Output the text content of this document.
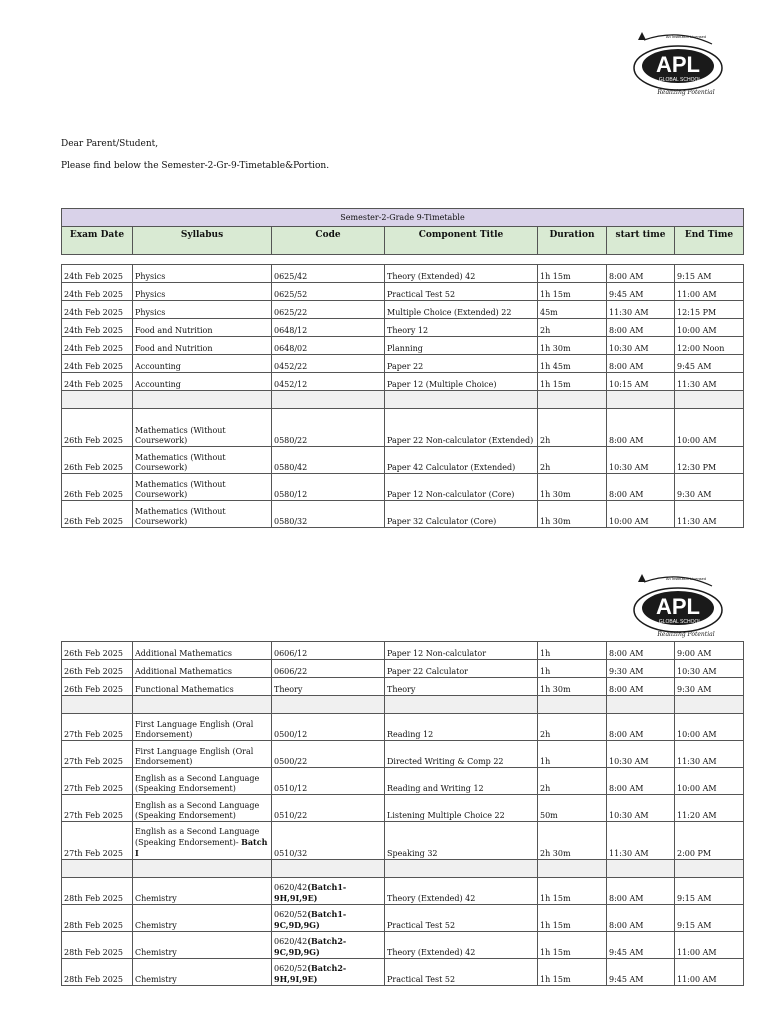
APL
GLOBAL SCHOOL
An Institution Licensed
Realizing Potential

Dear Parent/Student,

Please find below the Semester-2-Gr-9-Timetable&Portion.

Semester-2-Grade 9-Timetable						
Exam Date	Syllabus	Code	Component Title	Duration	start time	End Time

24th Feb 2025	Physics	0625/42	Theory (Extended) 42	1h 15m	8:00 AM	9:15 AM
24th Feb 2025	Physics	0625/52	Practical Test 52	1h 15m	9:45 AM	11:00 AM
24th Feb 2025	Physics	0625/22	Multiple Choice (Extended) 22	45m	11:30 AM	12:15 PM
24th Feb 2025	Food and Nutrition	0648/12	Theory 12	2h	8:00 AM	10:00 AM
24th Feb 2025	Food and Nutrition	0648/02	Planning	1h 30m	10:30 AM	12:00 Noon
24th Feb 2025	Accounting	0452/22	Paper 22	1h 45m	8:00 AM	9:45 AM
24th Feb 2025	Accounting	0452/12	Paper 12 (Multiple Choice)	1h 15m	10:15 AM	11:30 AM

26th Feb 2025	Mathematics (Without Coursework)	0580/22	Paper 22 Non-calculator (Extended)	2h	8:00 AM	10:00 AM
26th Feb 2025	Mathematics (Without Coursework)	0580/42	Paper 42 Calculator (Extended)	2h	10:30 AM	12:30 PM
26th Feb 2025	Mathematics (Without Coursework)	0580/12	Paper 12 Non-calculator (Core)	1h 30m	8:00 AM	9:30 AM
26th Feb 2025	Mathematics (Without Coursework)	0580/32	Paper 32 Calculator (Core)	1h 30m	10:00 AM	11:30 AM
APL
GLOBAL SCHOOL
An Institution Licensed
Realizing Potential
26th Feb 2025	Additional Mathematics	0606/12	Paper 12 Non-calculator	1h	8:00 AM	9:00 AM
26th Feb 2025	Additional Mathematics	0606/22	Paper 22 Calculator	1h	9:30 AM	10:30 AM
26th Feb 2025	Functional Mathematics	Theory	Theory	1h 30m	8:00 AM	9:30 AM

27th Feb 2025	First Language English (Oral Endorsement)	0500/12	Reading 12	2h	8:00 AM	10:00 AM
27th Feb 2025	First Language English (Oral Endorsement)	0500/22	Directed Writing & Comp 22	1h	10:30 AM	11:30 AM
27th Feb 2025	English as a Second Language (Speaking Endorsement)	0510/12	Reading and Writing 12	2h	8:00 AM	10:00 AM
27th Feb 2025	English as a Second Language (Speaking Endorsement)	0510/22	Listening Multiple Choice 22	50m	10:30 AM	11:20 AM
27th Feb 2025	English as a Second Language (Speaking Endorsement)- Batch I	0510/32	Speaking 32	2h 30m	11:30 AM	2:00 PM

28th Feb 2025	Chemistry	0620/42(Batch1-9H,9I,9E)	Theory (Extended) 42	1h 15m	8:00 AM	9:15 AM
28th Feb 2025	Chemistry	0620/52(Batch1-9C,9D,9G)	Practical Test 52	1h 15m	8:00 AM	9:15 AM
28th Feb 2025	Chemistry	0620/42(Batch2-9C,9D,9G)	Theory (Extended) 42	1h 15m	9:45 AM	11:00 AM
28th Feb 2025	Chemistry	0620/52(Batch2-9H,9I,9E)	Practical Test 52	1h 15m	9:45 AM	11:00 AM
